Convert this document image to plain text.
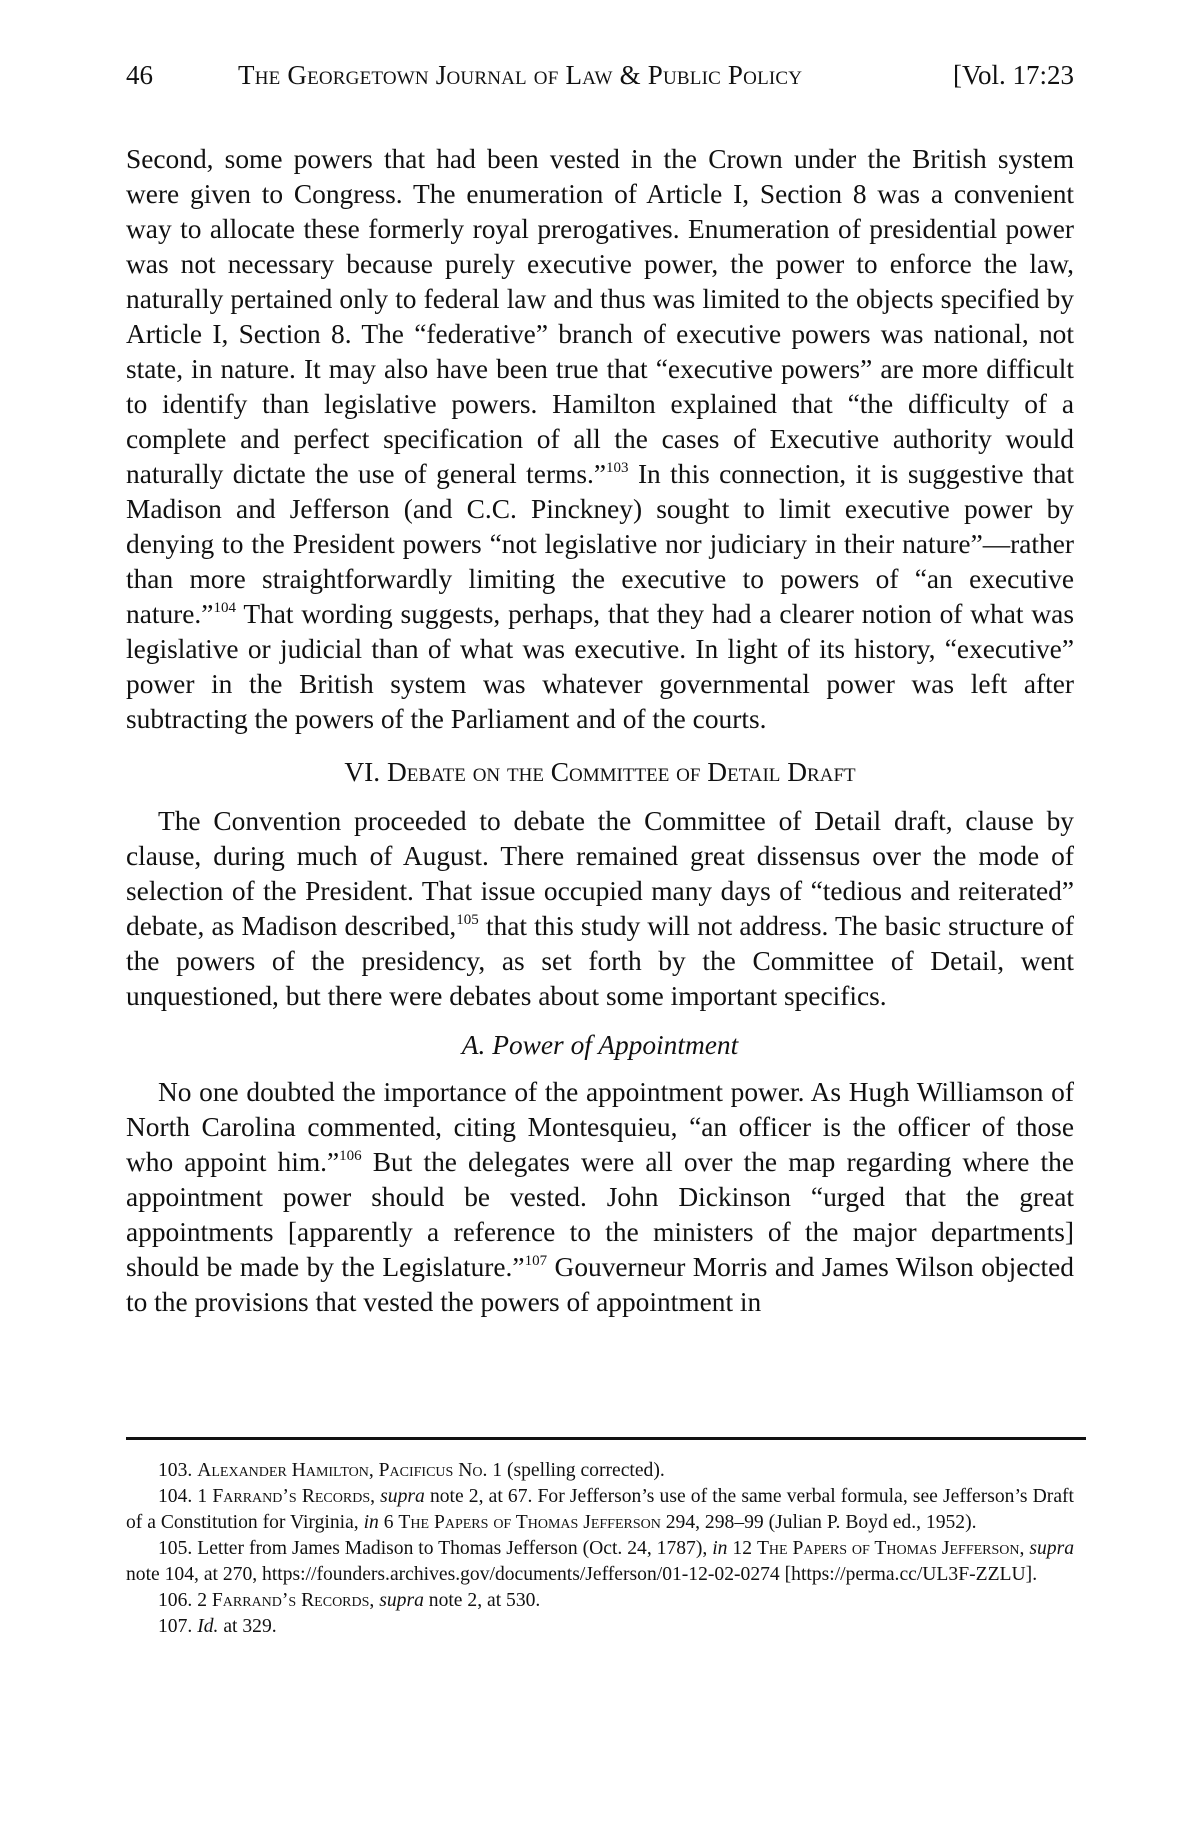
46	The Georgetown Journal of Law & Public Policy	[Vol. 17:23

Second, some powers that had been vested in the Crown under the British system were given to Congress. The enumeration of Article I, Section 8 was a convenient way to allocate these formerly royal prerogatives. Enumeration of presidential power was not necessary because purely executive power, the power to enforce the law, naturally pertained only to federal law and thus was limited to the objects specified by Article I, Section 8. The “federative” branch of executive powers was national, not state, in nature. It may also have been true that “executive powers” are more difficult to identify than legislative powers. Hamilton explained that “the difficulty of a complete and perfect specification of all the cases of Executive authority would naturally dictate the use of general terms.”$^{103}$ In this connection, it is suggestive that Madison and Jefferson (and C.C. Pinckney) sought to limit executive power by denying to the President powers “not legislative nor judiciary in their nature”—rather than more straightforwardly limiting the executive to powers of “an executive nature.”$^{104}$ That wording suggests, perhaps, that they had a clearer notion of what was legislative or judicial than of what was executive. In light of its history, “executive” power in the British system was whatever governmental power was left after subtracting the powers of the Parliament and of the courts.

VI. Debate on the Committee of Detail Draft

The Convention proceeded to debate the Committee of Detail draft, clause by clause, during much of August. There remained great dissensus over the mode of selection of the President. That issue occupied many days of “tedious and reiterated” debate, as Madison described,$^{105}$ that this study will not address. The basic structure of the powers of the presidency, as set forth by the Committee of Detail, went unquestioned, but there were debates about some important specifics.

A. Power of Appointment

No one doubted the importance of the appointment power. As Hugh Williamson of North Carolina commented, citing Montesquieu, “an officer is the officer of those who appoint him.”$^{106}$ But the delegates were all over the map regarding where the appointment power should be vested. John Dickinson “urged that the great appointments [apparently a reference to the ministers of the major departments] should be made by the Legislature.”$^{107}$ Gouverneur Morris and James Wilson objected to the provisions that vested the powers of appointment in

103. Alexander Hamilton, Pacificus No. 1 (spelling corrected).

104. 1 Farrand’s Records, supra note 2, at 67. For Jefferson’s use of the same verbal formula, see Jefferson’s Draft of a Constitution for Virginia, in 6 The Papers of Thomas Jefferson 294, 298–99 (Julian P. Boyd ed., 1952).

105. Letter from James Madison to Thomas Jefferson (Oct. 24, 1787), in 12 The Papers of Thomas Jefferson, supra note 104, at 270, https://founders.archives.gov/documents/Jefferson/01-12-02-0274 [https://perma.cc/UL3F-ZZLU].

106. 2 Farrand’s Records, supra note 2, at 530.

107. Id. at 329.
